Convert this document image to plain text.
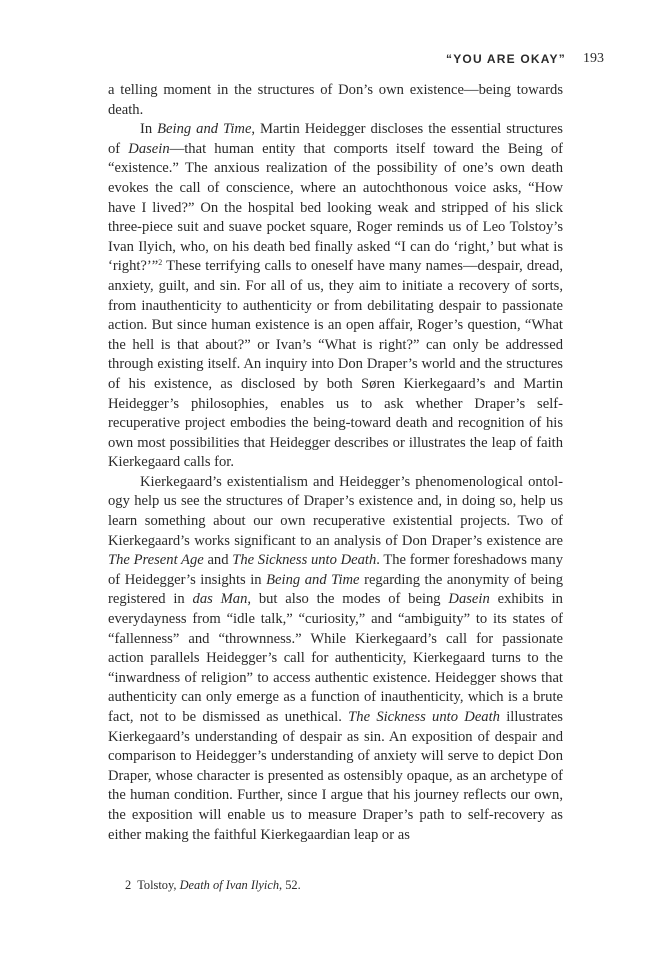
“YOU ARE OKAY” 193

a telling moment in the structures of Don’s own existence—being towards death.

In Being and Time, Martin Heidegger discloses the essential structures of Dasein—that human entity that comports itself toward the Being of “existence.” The anxious realization of the possibility of one’s own death evokes the call of conscience, where an autochthonous voice asks, “How have I lived?” On the hospital bed looking weak and stripped of his slick three-piece suit and suave pocket square, Roger reminds us of Leo Tolstoy’s Ivan Ilyich, who, on his death bed finally asked “I can do ‘right,’ but what is ‘right?’”$^2$ These terrifying calls to oneself have many names—despair, dread, anxiety, guilt, and sin. For all of us, they aim to initiate a recovery of sorts, from inauthenticity to authenticity or from debilitating despair to passionate action. But since human existence is an open affair, Roger’s question, “What the hell is that about?” or Ivan’s “What is right?” can only be addressed through existing itself. An inquiry into Don Draper’s world and the structures of his existence, as disclosed by both Søren Kierkegaard’s and Martin Heidegger’s philosophies, enables us to ask whether Draper’s self-recuperative project embodies the being-toward death and recognition of his own most possibilities that Heidegger describes or illustrates the leap of faith Kierkegaard calls for.

Kierkegaard’s existentialism and Heidegger’s phenomenological ontology help us see the structures of Draper’s existence and, in doing so, help us learn something about our own recuperative existential projects. Two of Kierkegaard’s works significant to an analysis of Don Draper’s existence are The Present Age and The Sickness unto Death. The former foreshadows many of Heidegger’s insights in Being and Time regarding the anonymity of being registered in das Man, but also the modes of being Dasein exhibits in everydayness from “idle talk,” “curiosity,” and “ambiguity” to its states of “fallenness” and “thrownness.” While Kierkegaard’s call for passionate action parallels Heidegger’s call for authenticity, Kierkegaard turns to the “inwardness of religion” to access authentic existence. Heidegger shows that authenticity can only emerge as a function of inauthenticity, which is a brute fact, not to be dismissed as unethical. The Sickness unto Death illustrates Kierkegaard’s understanding of despair as sin. An exposition of despair and comparison to Heidegger’s understanding of anxiety will serve to depict Don Draper, whose character is presented as ostensibly opaque, as an archetype of the human condition. Further, since I argue that his journey reflects our own, the exposition will enable us to measure Draper’s path to self-recovery as either making the faithful Kierkegaardian leap or as

2 Tolstoy, Death of Ivan Ilyich, 52.
